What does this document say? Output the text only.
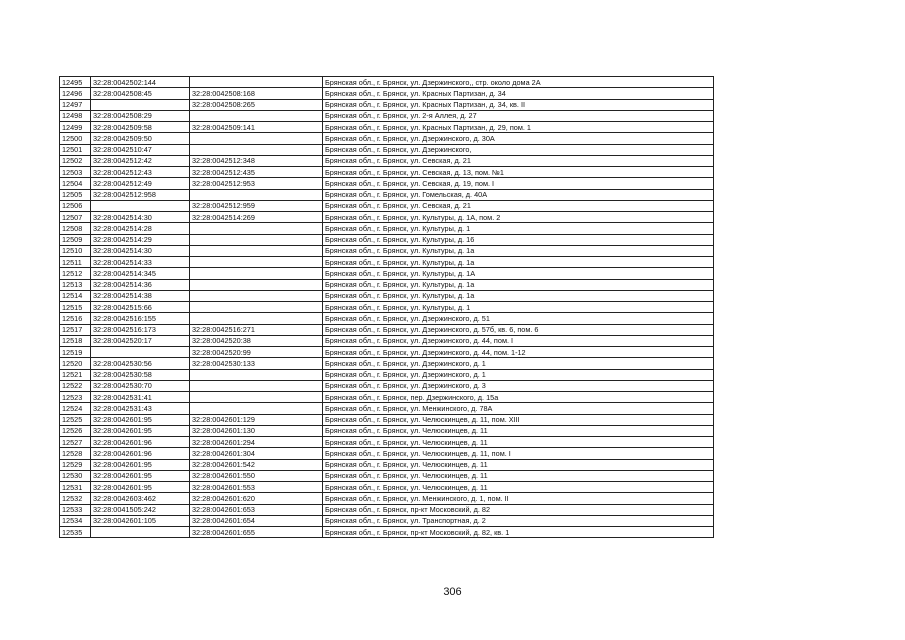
12495	32:28:0042502:144		Брянская обл., г. Брянск, ул. Дзержинского,, стр. около дома 2А
12496	32:28:0042508:45	32:28:0042508:168	Брянская обл., г. Брянск, ул. Красных Партизан, д. 34
12497		32:28:0042508:265	Брянская обл., г. Брянск, ул. Красных Партизан, д. 34, кв. II
12498	32:28:0042508:29		Брянская обл., г. Брянск, ул. 2-я Аллея, д. 27
12499	32:28:0042509:58	32:28:0042509:141	Брянская обл., г. Брянск, ул. Красных Партизан, д. 29, пом. 1
12500	32:28:0042509:50		Брянская обл., г. Брянск, ул. Дзержинского, д. 30А
12501	32:28:0042510:47		Брянская обл., г. Брянск, ул. Дзержинского,
12502	32:28:0042512:42	32:28:0042512:348	Брянская обл., г. Брянск, ул. Севская, д. 21
12503	32:28:0042512:43	32:28:0042512:435	Брянская обл., г. Брянск, ул. Севская, д. 13, пом. №1
12504	32:28:0042512:49	32:28:0042512:953	Брянская обл., г. Брянск, ул. Севская, д. 19, пом. I
12505	32:28:0042512:958		Брянская обл., г. Брянск, ул. Гомельская, д. 40А
12506		32:28:0042512:959	Брянская обл., г. Брянск, ул. Севская, д. 21
12507	32:28:0042514:30	32:28:0042514:269	Брянская обл., г. Брянск, ул. Культуры, д. 1А, пом. 2
12508	32:28:0042514:28		Брянская обл., г. Брянск, ул. Культуры, д. 1
12509	32:28:0042514:29		Брянская обл., г. Брянск, ул. Культуры, д. 16
12510	32:28:0042514:30		Брянская обл., г. Брянск, ул. Культуры, д. 1а
12511	32:28:0042514:33		Брянская обл., г. Брянск, ул. Культуры, д. 1а
12512	32:28:0042514:345		Брянская обл., г. Брянск, ул. Культуры, д. 1А
12513	32:28:0042514:36		Брянская обл., г. Брянск, ул. Культуры, д. 1а
12514	32:28:0042514:38		Брянская обл., г. Брянск, ул. Культуры, д. 1а
12515	32:28:0042515:66		Брянская обл., г. Брянск, ул. Культуры, д. 1
12516	32:28:0042516:155		Брянская обл., г. Брянск, ул. Дзержинского, д. 51
12517	32:28:0042516:173	32:28:0042516:271	Брянская обл., г. Брянск, ул. Дзержинского, д. 57б, кв. 6, пом. 6
12518	32:28:0042520:17	32:28:0042520:38	Брянская обл., г. Брянск, ул. Дзержинского, д. 44, пом. I
12519		32:28:0042520:99	Брянская обл., г. Брянск, ул. Дзержинского, д. 44, пом. 1-12
12520	32:28:0042530:56	32:28:0042530:133	Брянская обл., г. Брянск, ул. Дзержинского, д. 1
12521	32:28:0042530:58		Брянская обл., г. Брянск, ул. Дзержинского, д. 1
12522	32:28:0042530:70		Брянская обл., г. Брянск, ул. Дзержинского, д. 3
12523	32:28:0042531:41		Брянская обл., г. Брянск, пер. Дзержинского, д. 15а
12524	32:28:0042531:43		Брянская обл., г. Брянск, ул. Менжинского, д. 78А
12525	32:28:0042601:95	32:28:0042601:129	Брянская обл., г. Брянск, ул. Челюскинцев, д. 11, пом. XIII
12526	32:28:0042601:95	32:28:0042601:130	Брянская обл., г. Брянск, ул. Челюскинцев, д. 11
12527	32:28:0042601:96	32:28:0042601:294	Брянская обл., г. Брянск, ул. Челюскинцев, д. 11
12528	32:28:0042601:96	32:28:0042601:304	Брянская обл., г. Брянск, ул. Челюскинцев, д. 11, пом. I
12529	32:28:0042601:95	32:28:0042601:542	Брянская обл., г. Брянск, ул. Челюскинцев, д. 11
12530	32:28:0042601:95	32:28:0042601:550	Брянская обл., г. Брянск, ул. Челюскинцев, д. 11
12531	32:28:0042601:95	32:28:0042601:553	Брянская обл., г. Брянск, ул. Челюскинцев, д. 11
12532	32:28:0042603:462	32:28:0042601:620	Брянская обл., г. Брянск, ул. Менжинского, д. 1, пом. II
12533	32:28:0041505:242	32:28:0042601:653	Брянская обл., г. Брянск, пр-кт Московский, д. 82
12534	32:28:0042601:105	32:28:0042601:654	Брянская обл., г. Брянск, ул. Транспортная, д. 2
12535		32:28:0042601:655	Брянская обл., г. Брянск, пр-кт Московский, д. 82, кв. 1
306
